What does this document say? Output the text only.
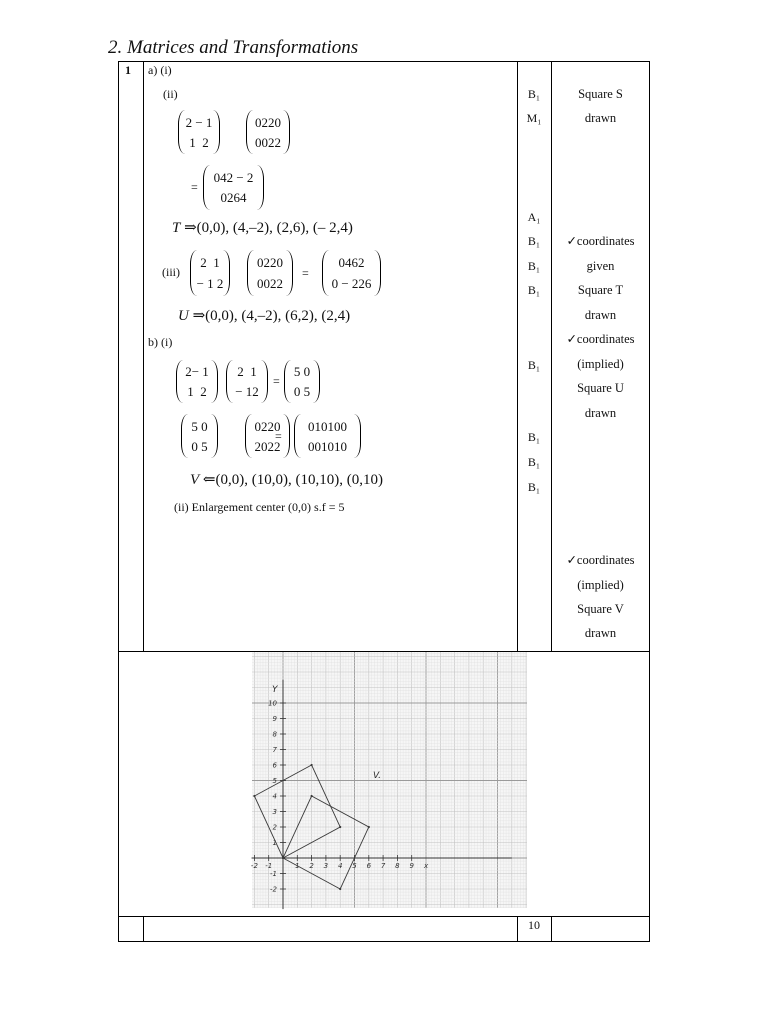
2. Matrices and Transformations
1 a) (i)
(ii)
2 − 1
1  2
0220
0022
=
042 − 2
0264
T ⇒(0,0), (4,–2), (2,6), (– 2,4)
(iii)
2  1
− 1 2
0220
0022
=
0462
0 − 226
U ⇒(0,0), (4,–2), (6,2), (2,4)
b) (i)
2− 1
1  2
2  1
− 12
=
5 0
0 5
5 0
0 5
0220
2022
=
010100
001010
V ⇐(0,0), (10,0), (10,10), (0,10)
(ii) Enlargement center (0,0) s.f = 5
B₁
M₁
A₁
B₁
B₁
B₁
B₁
B₁
B₁
B₁
Square S
drawn
✓coordinates
given
Square T
drawn
✓coordinates
(implied)
Square U
drawn
✓coordinates
(implied)
Square V
drawn
-2 -1	1 2 3 4 5 6 7 8 9
10
9
8
7
6
5
4
3
2
1
-1
-2
Y
x
V.
10
